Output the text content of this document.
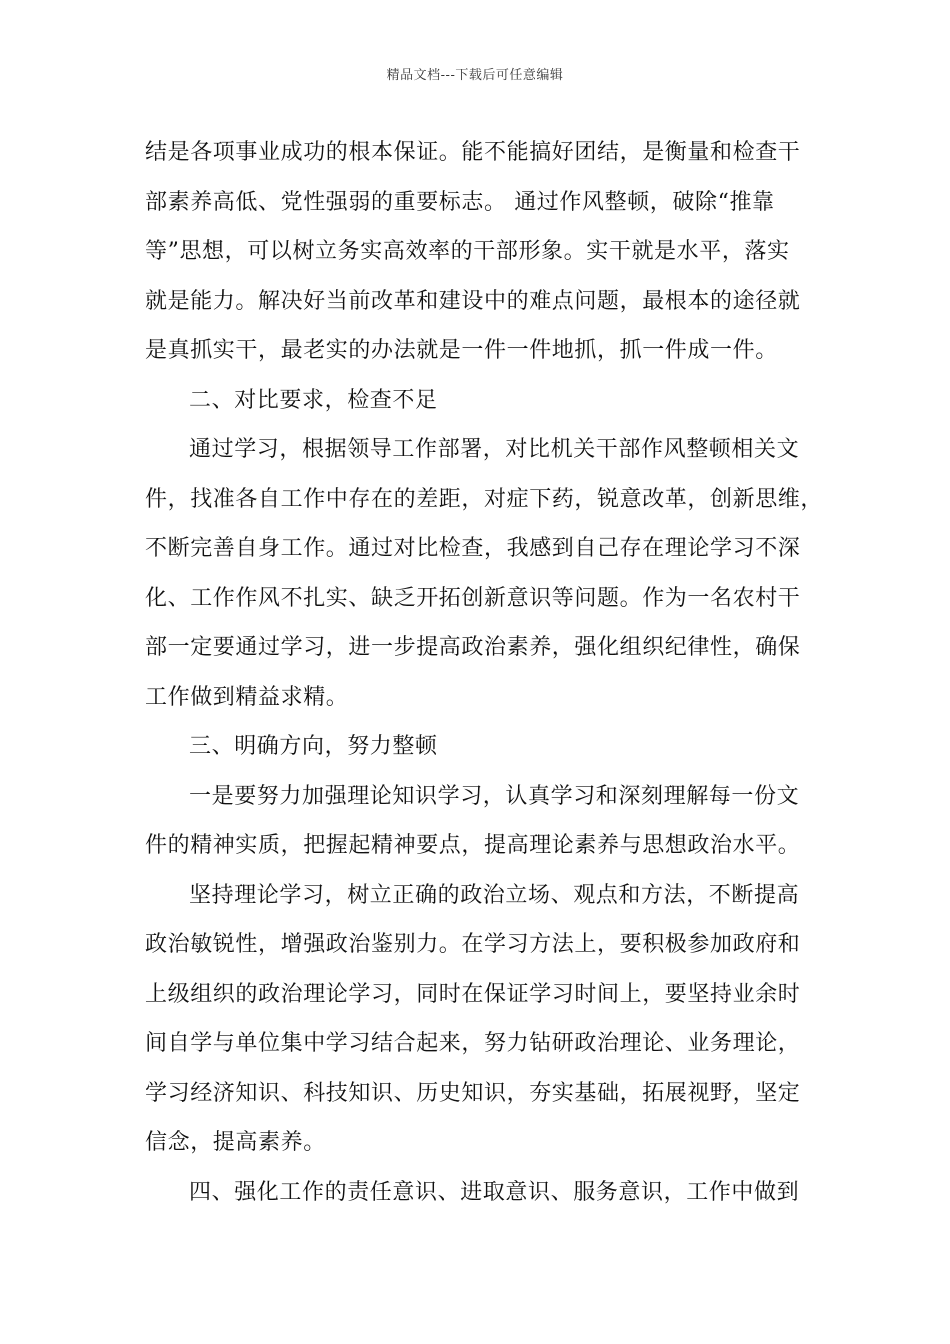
精品文档---下载后可任意编辑
结是各项事业成功的根本保证。能不能搞好团结，是衡量和检查干
部素养高低、党性强弱的重要标志。 通过作风整顿，破除“推靠
等”思想，可以树立务实高效率的干部形象。实干就是水平，落实
就是能力。解决好当前改革和建设中的难点问题，最根本的途径就
是真抓实干，最老实的办法就是一件一件地抓，抓一件成一件。
二、对比要求，检查不足
通过学习，根据领导工作部署，对比机关干部作风整顿相关文
件，找准各自工作中存在的差距，对症下药，锐意改革，创新思维，
不断完善自身工作。通过对比检查，我感到自己存在理论学习不深
化、工作作风不扎实、缺乏开拓创新意识等问题。作为一名农村干
部一定要通过学习，进一步提高政治素养，强化组织纪律性，确保
工作做到精益求精。
三、明确方向，努力整顿
一是要努力加强理论知识学习，认真学习和深刻理解每一份文
件的精神实质，把握起精神要点，提高理论素养与思想政治水平。
坚持理论学习，树立正确的政治立场、观点和方法，不断提高
政治敏锐性，增强政治鉴别力。在学习方法上，要积极参加政府和
上级组织的政治理论学习，同时在保证学习时间上，要坚持业余时
间自学与单位集中学习结合起来，努力钻研政治理论、业务理论，
学习经济知识、科技知识、历史知识，夯实基础，拓展视野，坚定
信念，提高素养。
四、强化工作的责任意识、进取意识、服务意识，工作中做到
